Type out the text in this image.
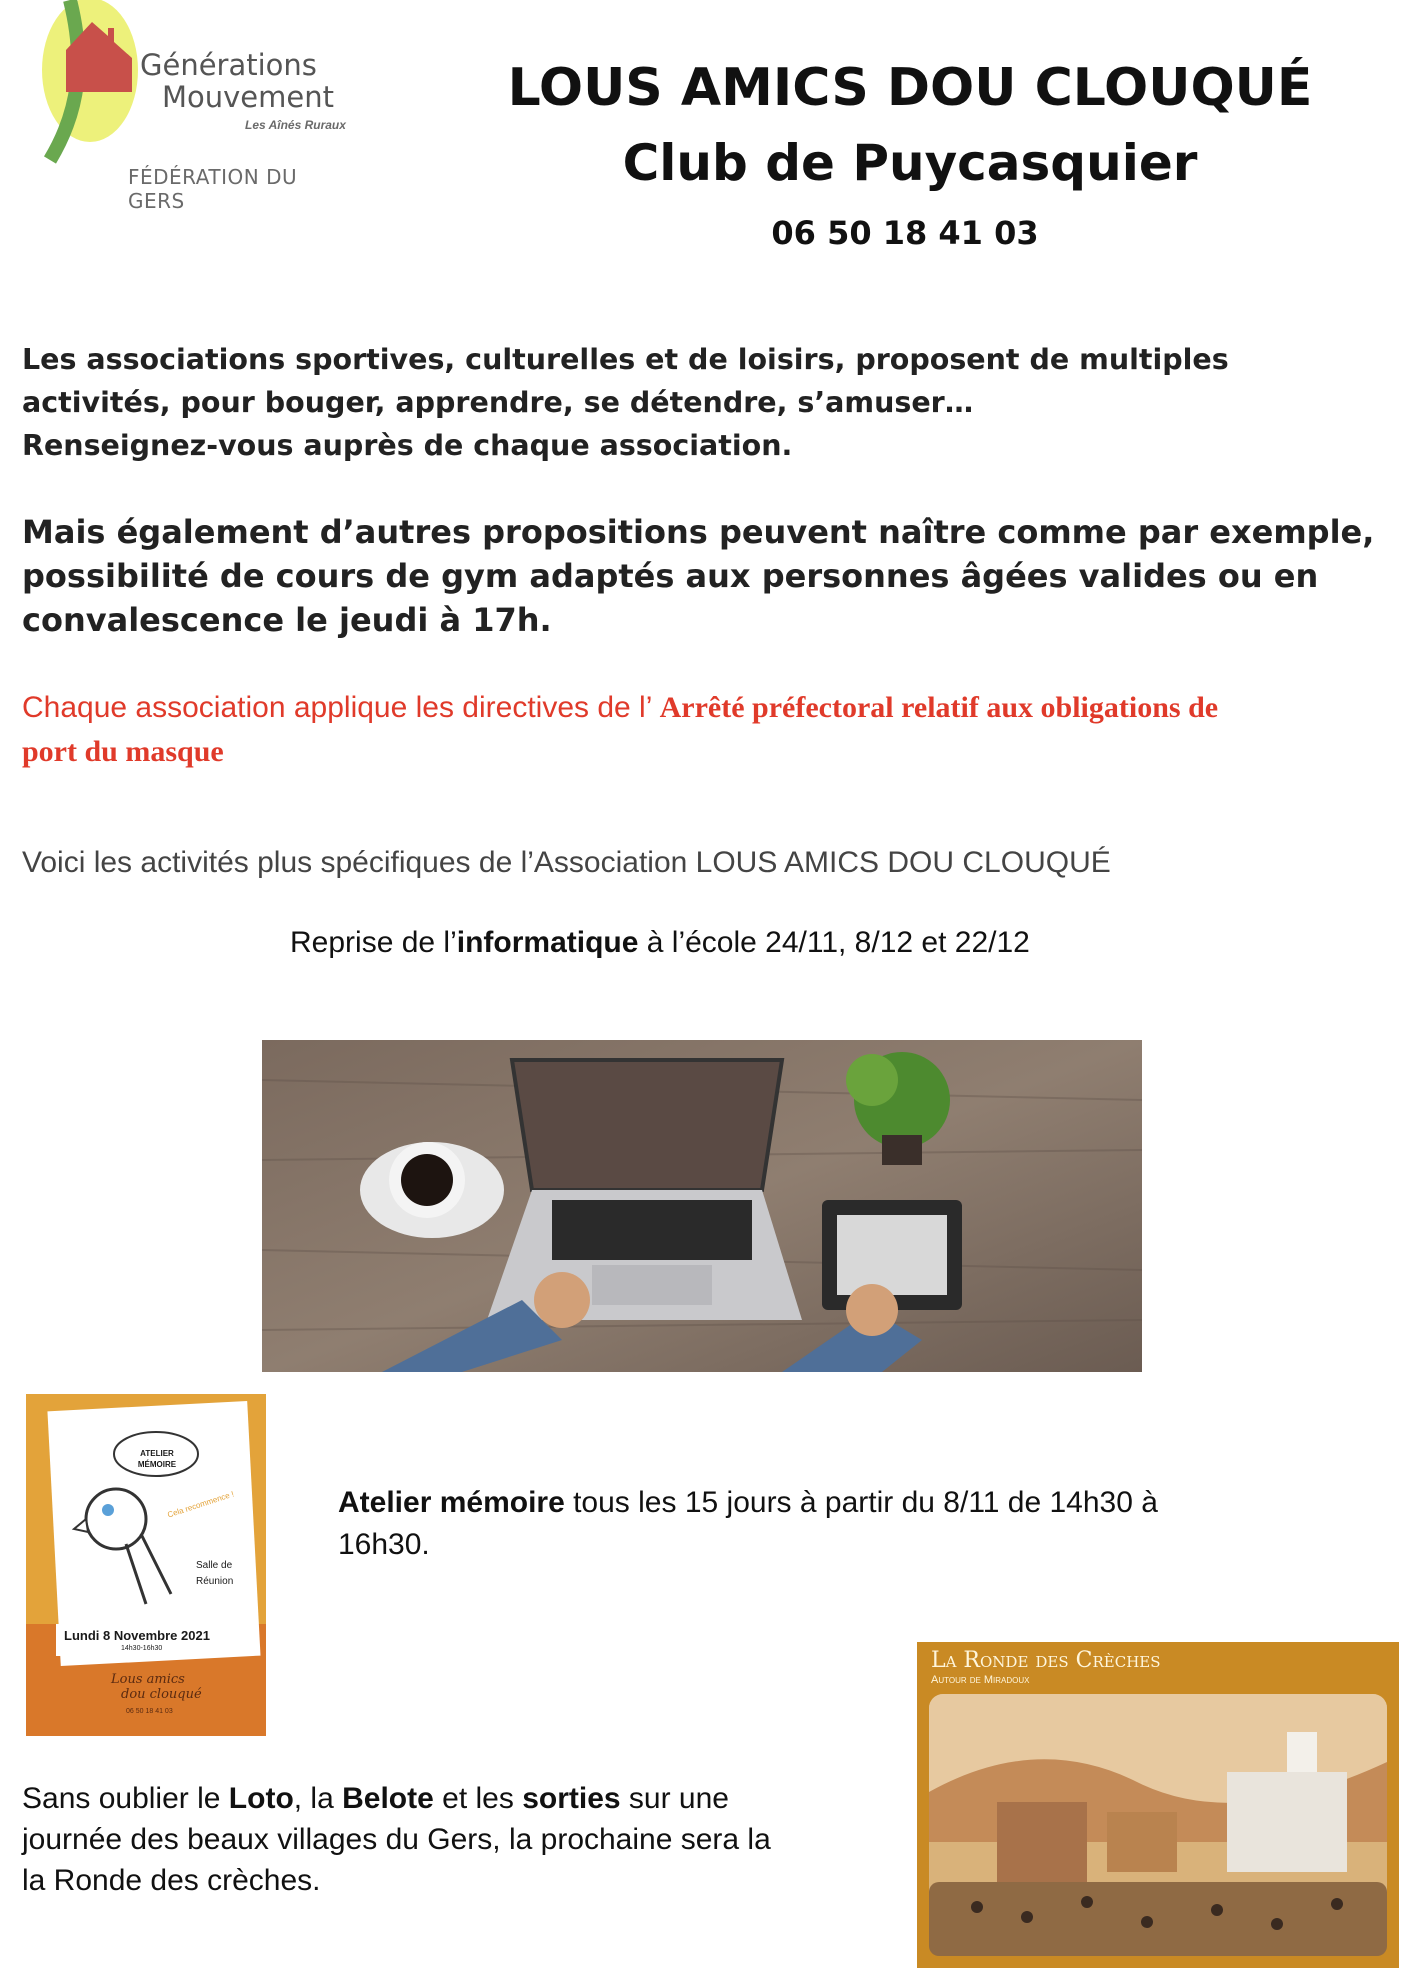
Générations
Mouvement
Les Aînés Ruraux
FÉDÉRATION DU GERS
LOUS AMICS DOU CLOUQUÉ
Club de Puycasquier
06 50 18 41 03
Les associations sportives, culturelles et de loisirs, proposent de multiples
activités, pour bouger, apprendre, se détendre, s’amuser…
Renseignez-vous auprès de chaque association.
Mais également d’autres propositions peuvent naître comme par exemple,
possibilité de cours de gym adaptés aux personnes âgées valides ou en
convalescence le jeudi à 17h.
Chaque association applique les directives de l’ Arrêté préfectoral relatif aux obligations de
port du masque
Voici les activités plus spécifiques de l’Association LOUS AMICS DOU CLOUQUÉ
Reprise de l’informatique à l’école 24/11, 8/12 et 22/12
ATELIER
MÉMOIRE
Cela recommence !
Salle de
Réunion
Lundi 8 Novembre 2021
14h30-16h30
Lous amics
dou clouqué
06 50 18 41 03
Atelier mémoire tous les 15 jours à partir du 8/11 de 14h30 à
16h30.
La Ronde des Crèches
Autour de Miradoux
Sans oublier le Loto, la Belote et les sorties sur une
journée des beaux villages du Gers, la prochaine sera la
la Ronde des crèches.
